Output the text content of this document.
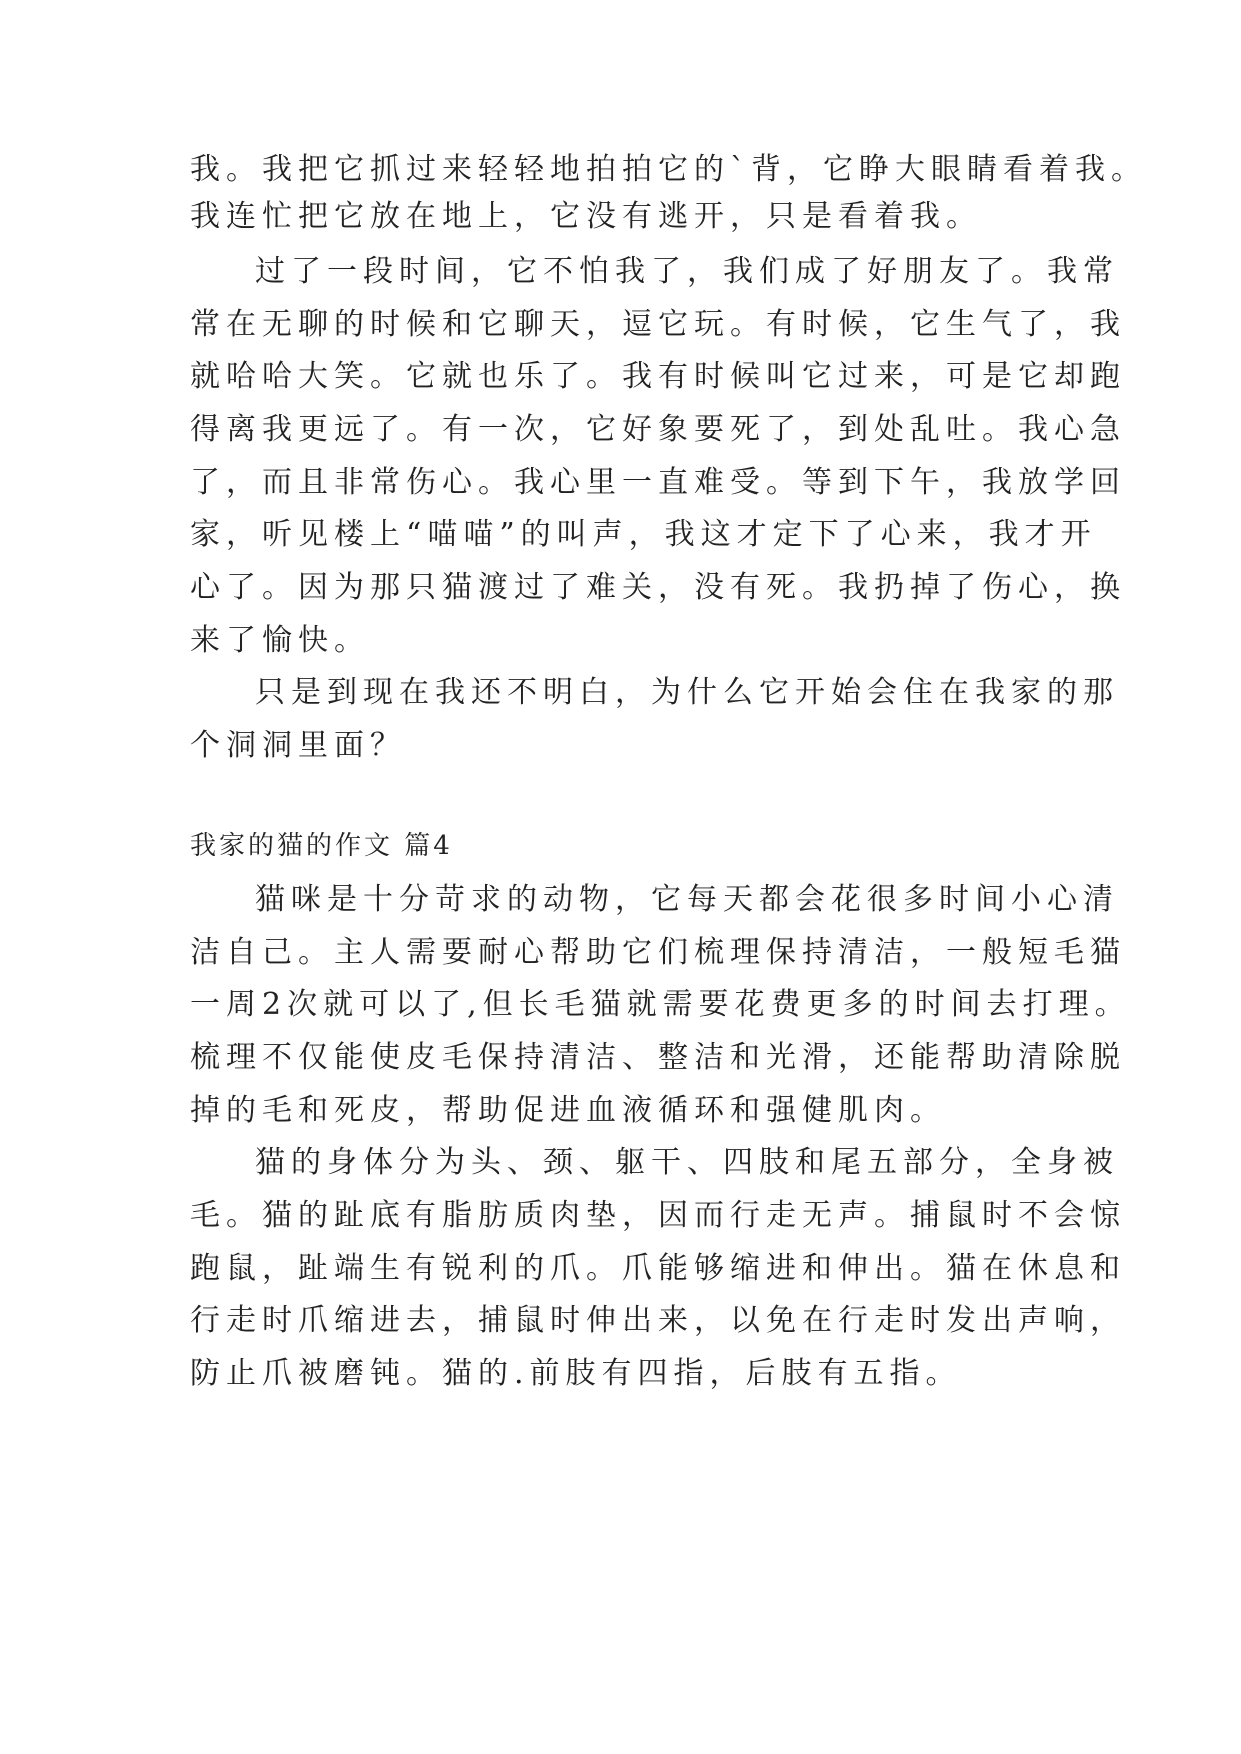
我。我把它抓过来轻轻地拍拍它的`背，它睁大眼睛看着我。
我连忙把它放在地上，它没有逃开，只是看着我。
过了一段时间，它不怕我了，我们成了好朋友了。我常
常在无聊的时候和它聊天，逗它玩。有时候，它生气了，我
就哈哈大笑。它就也乐了。我有时候叫它过来，可是它却跑
得离我更远了。有一次，它好象要死了，到处乱吐。我心急
了，而且非常伤心。我心里一直难受。等到下午，我放学回
家，听见楼上“喵喵”的叫声，我这才定下了心来，我才开
心了。因为那只猫渡过了难关，没有死。我扔掉了伤心，换
来了愉快。
只是到现在我还不明白，为什么它开始会住在我家的那
个洞洞里面？
我家的猫的作文 篇4
猫咪是十分苛求的动物，它每天都会花很多时间小心清
洁自己。主人需要耐心帮助它们梳理保持清洁，一般短毛猫
一周2次就可以了,但长毛猫就需要花费更多的时间去打理。
梳理不仅能使皮毛保持清洁、整洁和光滑，还能帮助清除脱
掉的毛和死皮，帮助促进血液循环和强健肌肉。
猫的身体分为头、颈、躯干、四肢和尾五部分，全身被
毛。猫的趾底有脂肪质肉垫，因而行走无声。捕鼠时不会惊
跑鼠，趾端生有锐利的爪。爪能够缩进和伸出。猫在休息和
行走时爪缩进去，捕鼠时伸出来，以免在行走时发出声响，
防止爪被磨钝。猫的.前肢有四指，后肢有五指。
